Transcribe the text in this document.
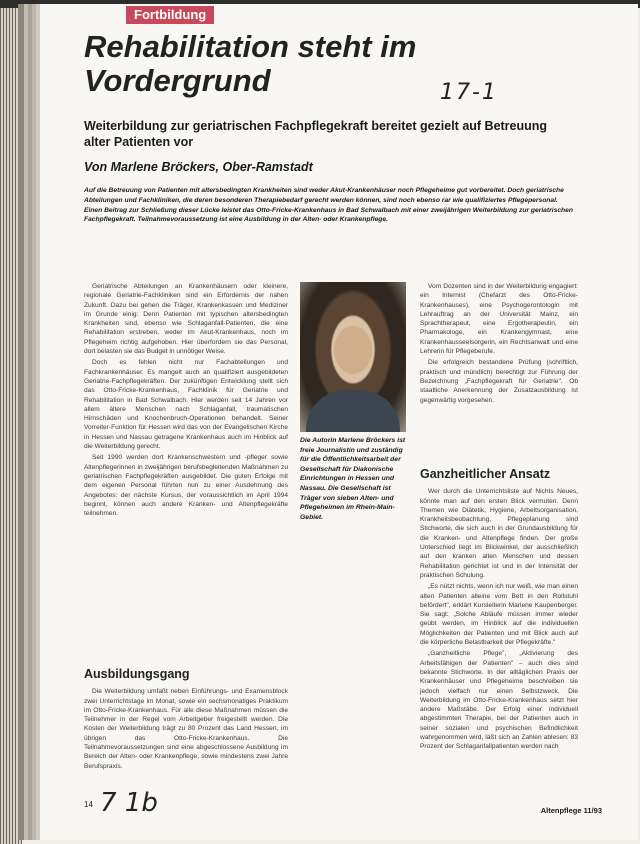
Fortbildung
Rehabilitation steht im Vordergrund	17-1
Weiterbildung zur geriatrischen Fachpflegekraft bereitet gezielt auf Betreuung alter Patienten vor
Von Marlene Bröckers, Ober-Ramstadt
Auf die Betreuung von Patienten mit altersbedingten Krankheiten sind weder Akut-Krankenhäuser noch Pflegeheime gut vorbereitet. Doch geriatrische Abteilungen und Fachkliniken, die deren besonderen Therapiebedarf gerecht werden können, sind noch ebenso rar wie qualifiziertes Pflegepersonal. Einen Beitrag zur Schließung dieser Lücke leistet das Otto-Fricke-Krankenhaus in Bad Schwalbach mit einer zweijährigen Weiterbildung zur geriatrischen Fachpflegekraft. Teilnahmevoraussetzung ist eine Ausbildung in der Alten- oder Krankenpflege.

Geriatrische Abteilungen an Krankenhäusern oder kleinere, regionale Geriatrie-Fachkliniken sind ein Erfordernis der nahen Zukunft. Dazu bei gehen die Träger, Krankenkassen und Mediziner im Grunde einig: Denn Patienten mit typischen altersbedingten Krankheiten sind, ebenso wie Schlaganfall-Patienten, die eine Rehabilitation erstreben, weder im Akut-Krankenhaus, noch im Pflegeheim richtig aufgehoben. Hier überfordern sie das Personal, dort belasten sie das Budget in unnötiger Weise.

Doch es fehlen nicht nur Fachabteilungen und Fachkrankenhäuser. Es mangelt auch an qualifiziert ausgebildeten Geriatrie-Fachpflegekräften. Der zukünftigen Entwicklung stellt sich das Otto-Fricke-Krankenhaus, Fachklinik für Geriatrie und Rehabilitation in Bad Schwalbach. Hier werden seit 14 Jahren vor allem ältere Menschen nach Schlaganfall, traumatischen Hirnschäden und Knochenbruch-Operationen behandelt. Seiner Vorreiter-Funktion für Hessen wird das von der Evangelischen Kirche in Hessen und Nassau getragene Krankenhaus auch im Hinblick auf die Weiterbildung gerecht.

Seit 1990 werden dort Krankenschwestern und -pfleger sowie Altenpflegerinnen in zweijährigen berufsbegleitenden Maßnahmen zu geriatrischen Fachpflegekräften ausgebildet. Die guten Erfolge mit dem eigenen Personal führten nun zu einer Ausdehnung des Angebotes: der nächste Kursus, der voraussichtlich im April 1994 beginnt, können auch andere Kranken- und Altenpflegekräfte teilnehmen.

Ausbildungsgang

Die Weiterbildung umfaßt neben Einführungs- und Examensblock zwei Unterrichtstage im Monat, sowie ein sechsmonatiges Praktikum im Otto-Fricke-Krankenhaus. Für alle diese Maßnahmen müssen die Teilnehmer in der Regel vom Arbeitgeber freigestellt werden. Die Kosten der Weiterbildung trägt zu 80 Prozent das Land Hessen, im übrigen das Otto-Fricke-Krankenhaus. Die Teilnahmevoraussetzungen sind eine abgeschlossene Ausbildung im Bereich der Alten- oder Krankenpflege, sowie mindestens zwei Jahre Berufspraxis.

Die Autorin Marlene Bröckers ist freie Journalistin und zuständig für die Öffentlichkeitsarbeit der Gesellschaft für Diakonische Einrichtungen in Hessen und Nassau. Die Gesellschaft ist Träger von sieben Alten- und Pflegeheimen im Rhein-Main-Gebiet.

Vom Dozenten sind in der Weiterbildung engagiert: ein Internist (Chefarzt des Otto-Fricke-Krankenhauses), eine Psychogerontologin mit Lehrauftrag an der Universität Mainz, ein Sprachtherapeut, eine Ergotherapeutin, ein Pharmakologe, ein Krankengymnast, eine Krankenhausseelsorgerin, ein Rechtsanwalt und eine Lehrerin für Pflegeberufe.

Die erfolgreich bestandene Prüfung (schriftlich, praktisch und mündlich) berechtigt zur Führung der Bezeichnung „Fachpflegekraft für Geriatrie". Ob staatliche Anerkennung der Zusatzausbildung ist gegenwärtig vorgesehen.

Ganzheitlicher Ansatz

Wer durch die Unterrichtsliste auf Nichts Neues, könnte man auf den ersten Blick vermuten. Denn Themen wie Diätetik, Hygiene, Arbeitsorganisation, Krankheitsbeobachtung, Pflegeplanung sind Stichworte, die sich auch in der Grundausbildung für die Kranken- und Altenpflege finden. Der große Unterschied liegt im Blickwinkel, der ausschließlich auf den kranken alten Menschen und dessen Rehabilitation gerichtet ist und in der Intensität der praktischen Schulung.

„Es nützt nichts, wenn ich nur weiß, wie man einen alten Patienten alleine vom Bett in den Rollstuhl befördert", erklärt Kursleiterin Marlene Kaupenberger. Sie sagt: „Solche Abläufe müssen immer wieder geübt werden, im Hinblick auf die individuellen Möglichkeiten der Patienten und mit Blick auch auf die körperliche Belastbarkeit der Pflegekräfte."

„Ganzheitliche Pflege", „Aktivierung des Arbeitsfähigen der Patienten" – auch dies sind bekannte Stichworte. In der alltäglichen Praxis der Krankenhäuser und Pflegeheime beschreiben sie jedoch vielfach nur einen Selbstzweck. Die Weiterbildung im Otto-Fricke-Krankenhaus setzt hier andere Maßstäbe. Der Erfolg einer individuell abgestimmten Therapie, bei der Patienten auch in seiner sozialen und psychischen Befindlichkeit wahrgenommen wird, läßt sich an Zahlen ablesen: 83 Prozent der Schlaganfallpatienten werden nach

14 7 1b	Altenpflege 11/93
